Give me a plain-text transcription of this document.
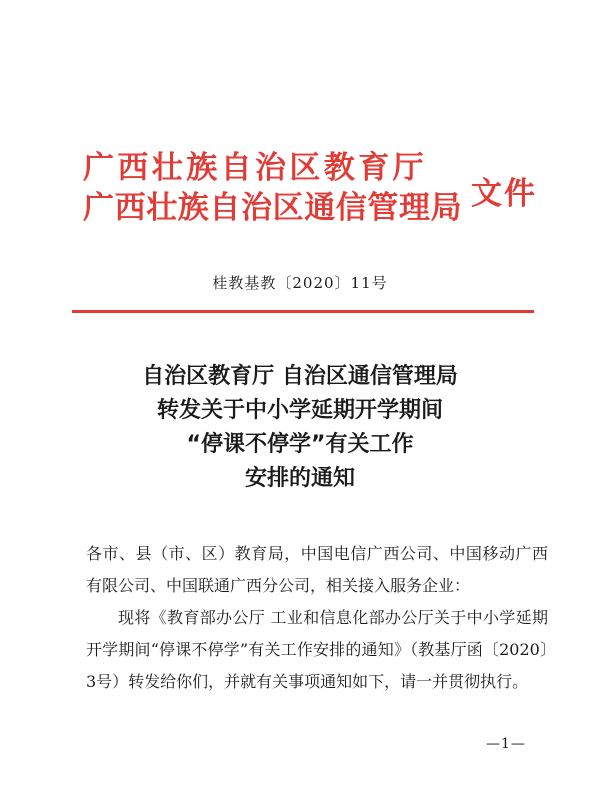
广西壮族自治区教育厅
广西壮族自治区通信管理局 文件
桂教基教〔2020〕11号
自治区教育厅 自治区通信管理局
转发关于中小学延期开学期间
“停课不停学”有关工作
安排的通知

各市、县（市、区）教育局，中国电信广西公司、中国移动广西有限公司、中国联通广西分公司，相关接入服务企业：

现将《教育部办公厅 工业和信息化部办公厅关于中小学延期开学期间“停课不停学”有关工作安排的通知》（教基厅函〔2020〕3号）转发给你们，并就有关事项通知如下，请一并贯彻执行。

—1—
